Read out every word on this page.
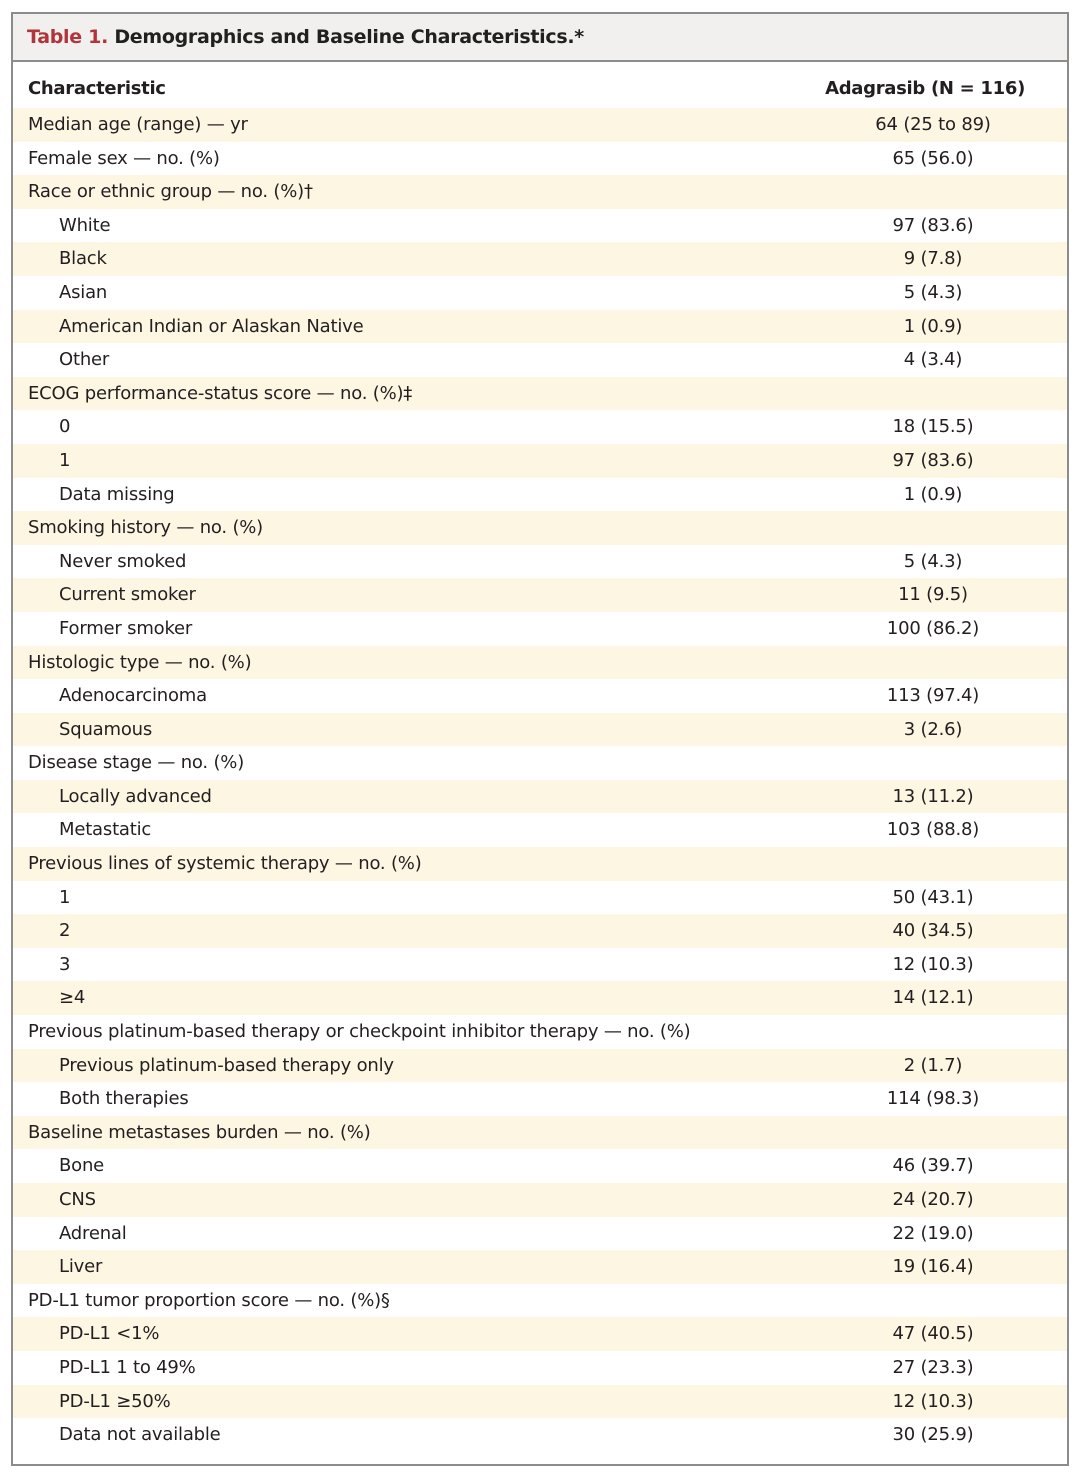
Table 1. Demographics and Baseline Characteristics.*
Characteristic	Adagrasib (N = 116)
Median age (range) — yr	64 (25 to 89)
Female sex — no. (%)	65 (56.0)
Race or ethnic group — no. (%)†
White	97 (83.6)
Black	9 (7.8)
Asian	5 (4.3)
American Indian or Alaskan Native	1 (0.9)
Other	4 (3.4)
ECOG performance-status score — no. (%)‡
0	18 (15.5)
1	97 (83.6)
Data missing	1 (0.9)
Smoking history — no. (%)
Never smoked	5 (4.3)
Current smoker	11 (9.5)
Former smoker	100 (86.2)
Histologic type — no. (%)
Adenocarcinoma	113 (97.4)
Squamous	3 (2.6)
Disease stage — no. (%)
Locally advanced	13 (11.2)
Metastatic	103 (88.8)
Previous lines of systemic therapy — no. (%)
1	50 (43.1)
2	40 (34.5)
3	12 (10.3)
≥4	14 (12.1)
Previous platinum-based therapy or checkpoint inhibitor therapy — no. (%)
Previous platinum-based therapy only	2 (1.7)
Both therapies	114 (98.3)
Baseline metastases burden — no. (%)
Bone	46 (39.7)
CNS	24 (20.7)
Adrenal	22 (19.0)
Liver	19 (16.4)
PD-L1 tumor proportion score — no. (%)§
PD-L1 <1%	47 (40.5)
PD-L1 1 to 49%	27 (23.3)
PD-L1 ≥50%	12 (10.3)
Data not available	30 (25.9)
